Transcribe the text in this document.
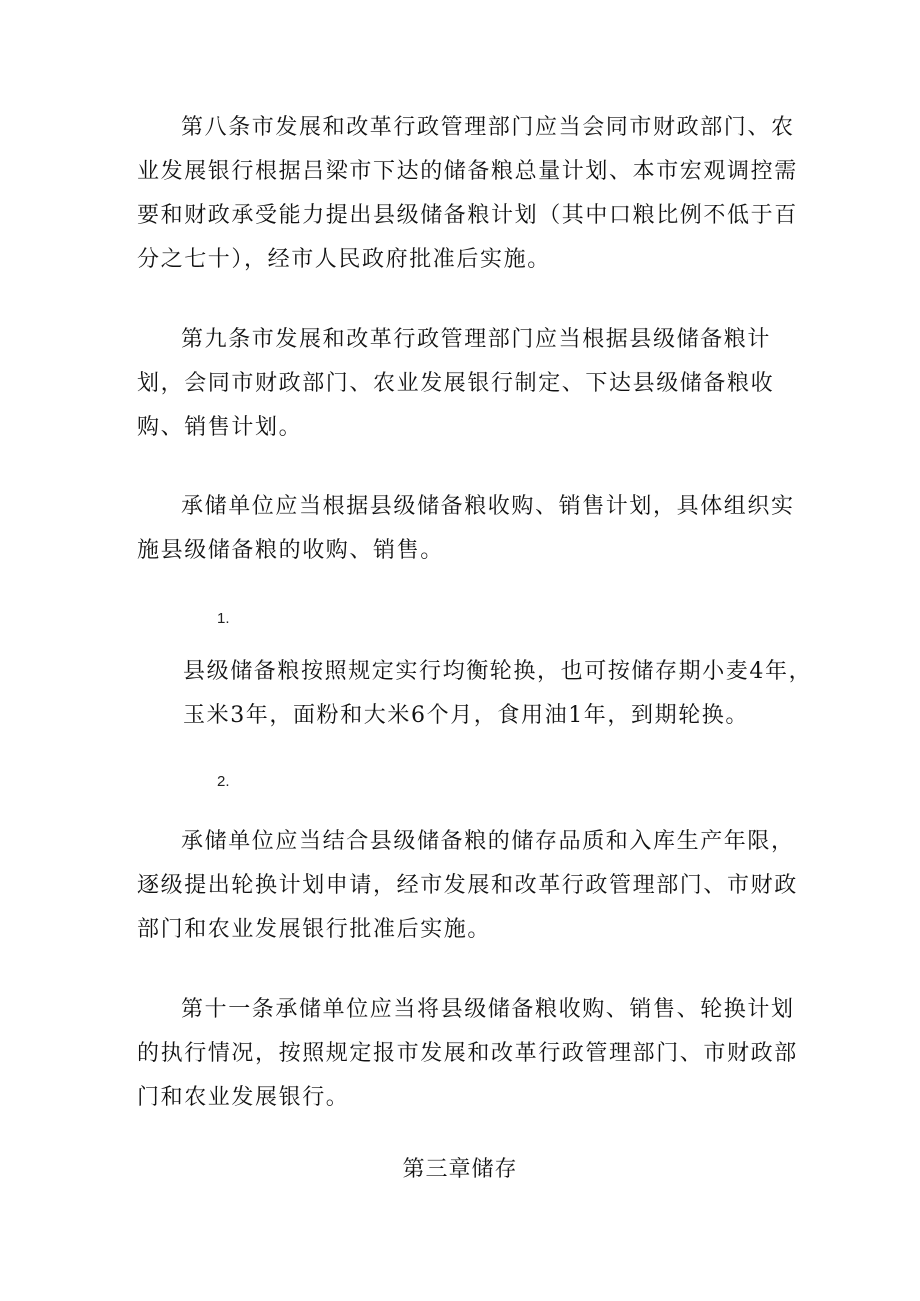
第八条市发展和改革行政管理部门应当会同市财政部门、农
业发展银行根据吕梁市下达的储备粮总量计划、本市宏观调控需
要和财政承受能力提出县级储备粮计划（其中口粮比例不低于百
分之七十），经市人民政府批准后实施。
第九条市发展和改革行政管理部门应当根据县级储备粮计
划，会同市财政部门、农业发展银行制定、下达县级储备粮收
购、销售计划。
承储单位应当根据县级储备粮收购、销售计划，具体组织实
施县级储备粮的收购、销售。

1.

县级储备粮按照规定实行均衡轮换，也可按储存期小麦4年，
玉米3年，面粉和大米6个月，食用油1年，到期轮换。

2.

承储单位应当结合县级储备粮的储存品质和入库生产年限，
逐级提出轮换计划申请，经市发展和改革行政管理部门、市财政
部门和农业发展银行批准后实施。
第十一条承储单位应当将县级储备粮收购、销售、轮换计划
的执行情况，按照规定报市发展和改革行政管理部门、市财政部
门和农业发展银行。

第三章储存
